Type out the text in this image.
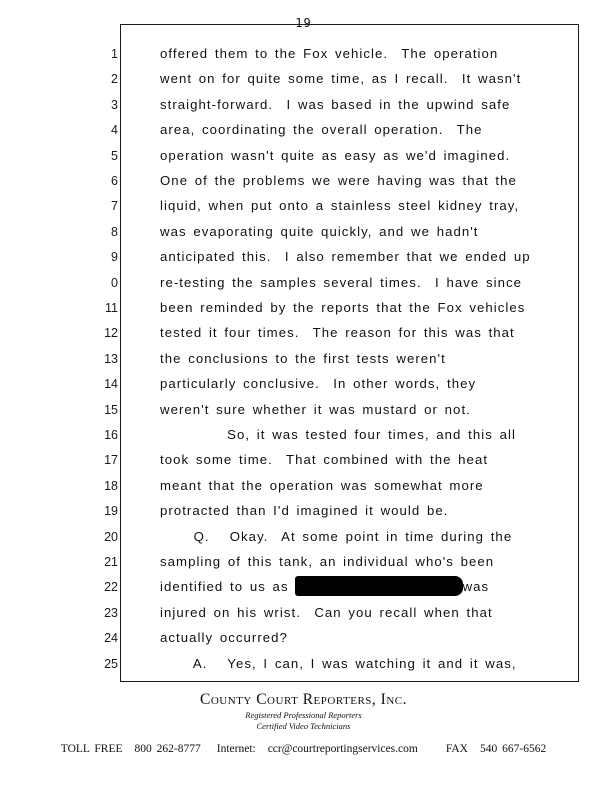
19
1	offered them to the Fox vehicle.  The operation
2	went on for quite some time, as I recall.  It wasn't
3	straight-forward.  I was based in the upwind safe
4	area, coordinating the overall operation.  The
5	operation wasn't quite as easy as we'd imagined.
6	One of the problems we were having was that the
7	liquid, when put onto a stainless steel kidney tray,
8	was evaporating quite quickly, and we hadn't
9	anticipated this.  I also remember that we ended up
0	re-testing the samples several times.  I have since
11	been reminded by the reports that the Fox vehicles
12	tested it four times.  The reason for this was that
13	the conclusions to the first tests weren't
14	particularly conclusive.  In other words, they
15	weren't sure whether it was mustard or not.
16	So, it was tested four times, and this all
17	took some time.  That combined with the heat
18	meant that the operation was somewhat more
19	protracted than I'd imagined it would be.
20	Q.   Okay.  At some point in time during the
21	sampling of this tank, an individual who's been
22	identified to us as	was
23	injured on his wrist.  Can you recall when that
24	actually occurred?
25	A.   Yes, I can, I was watching it and it was,
County Court Reporters, Inc.
Registered Professional Reporters
Certified Video Technicians
TOLL FREE 800 262-8777 Internet: ccr@courtreportingservices.com FAX 540 667-6562
